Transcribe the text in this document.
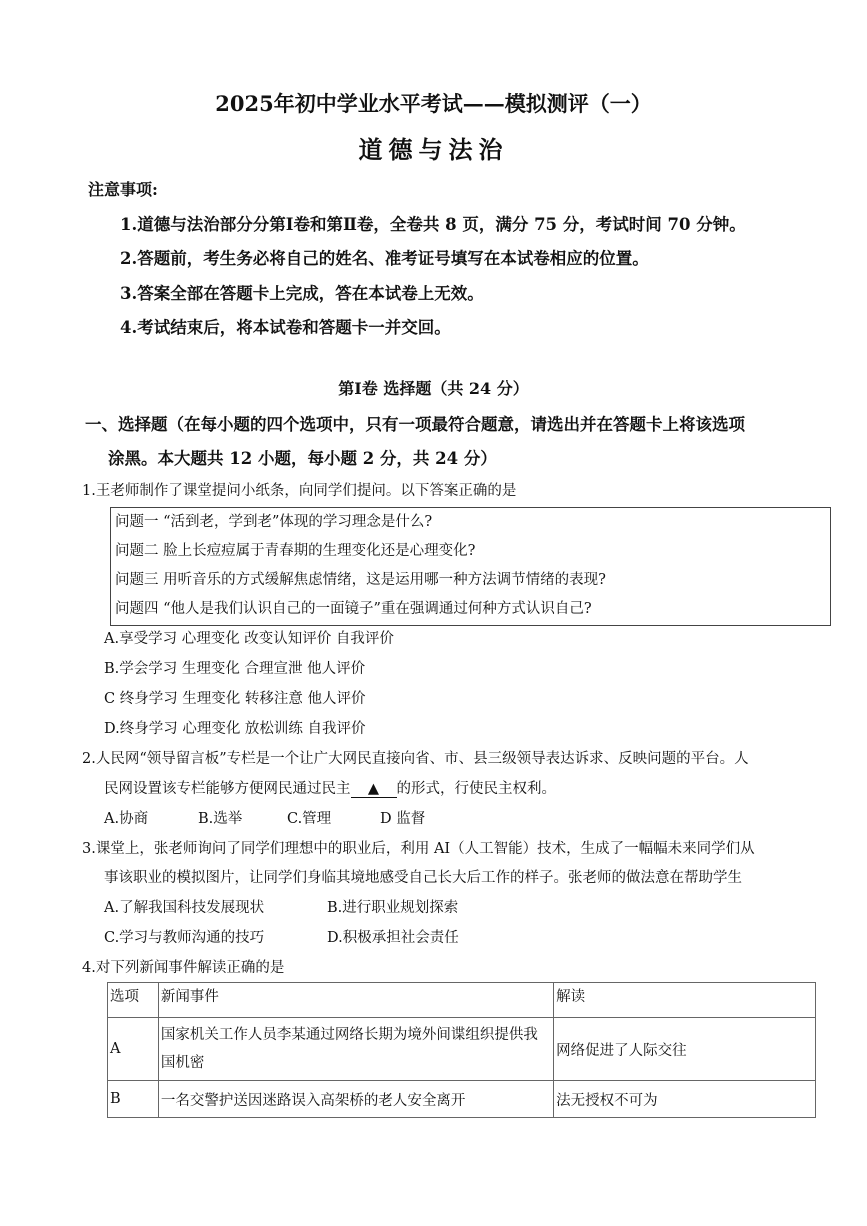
2025年初中学业水平考试——模拟测评（一）
道德与法治
注意事项:
1.道德与法治部分分第Ⅰ卷和第Ⅱ卷，全卷共 8 页，满分 75 分，考试时间 70 分钟。
2.答题前，考生务必将自己的姓名、准考证号填写在本试卷相应的位置。
3.答案全部在答题卡上完成，答在本试卷上无效。
4.考试结束后，将本试卷和答题卡一并交回。
第Ⅰ卷 选择题（共 24 分）
一、选择题（在每小题的四个选项中，只有一项最符合题意，请选出并在答题卡上将该选项
涂黑。本大题共 12 小题，每小题 2 分，共 24 分）
1.王老师制作了课堂提问小纸条，向同学们提问。以下答案正确的是
问题一 “活到老，学到老”体现的学习理念是什么?
问题二 脸上长痘痘属于青春期的生理变化还是心理变化?
问题三 用听音乐的方式缓解焦虑情绪，这是运用哪一种方法调节情绪的表现?
问题四 “他人是我们认识自己的一面镜子”重在强调通过何种方式认识自己?
A.享受学习 心理变化 改变认知评价 自我评价
B.学会学习 生理变化 合理宣泄 他人评价
C 终身学习 生理变化 转移注意 他人评价
D.终身学习 心理变化 放松训练 自我评价
2.人民网“领导留言板”专栏是一个让广大网民直接向省、市、县三级领导表达诉求、反映问题的平台。人
民网设置该专栏能够方便网民通过民主 ▲ 的形式，行使民主权利。
A.协商	B.选举	C.管理	D 监督
3.课堂上，张老师询问了同学们理想中的职业后，利用 AI（人工智能）技术，生成了一幅幅未来同学们从
事该职业的模拟图片，让同学们身临其境地感受自己长大后工作的样子。张老师的做法意在帮助学生
A.了解我国科技发展现状	B.进行职业规划探索
C.学习与教师沟通的技巧	D.积极承担社会责任
4.对下列新闻事件解读正确的是
选项	新闻事件	解读
A	国家机关工作人员李某通过网络长期为境外间谍组织提供我国机密	网络促进了人际交往
B	一名交警护送因迷路误入高架桥的老人安全离开	法无授权不可为
